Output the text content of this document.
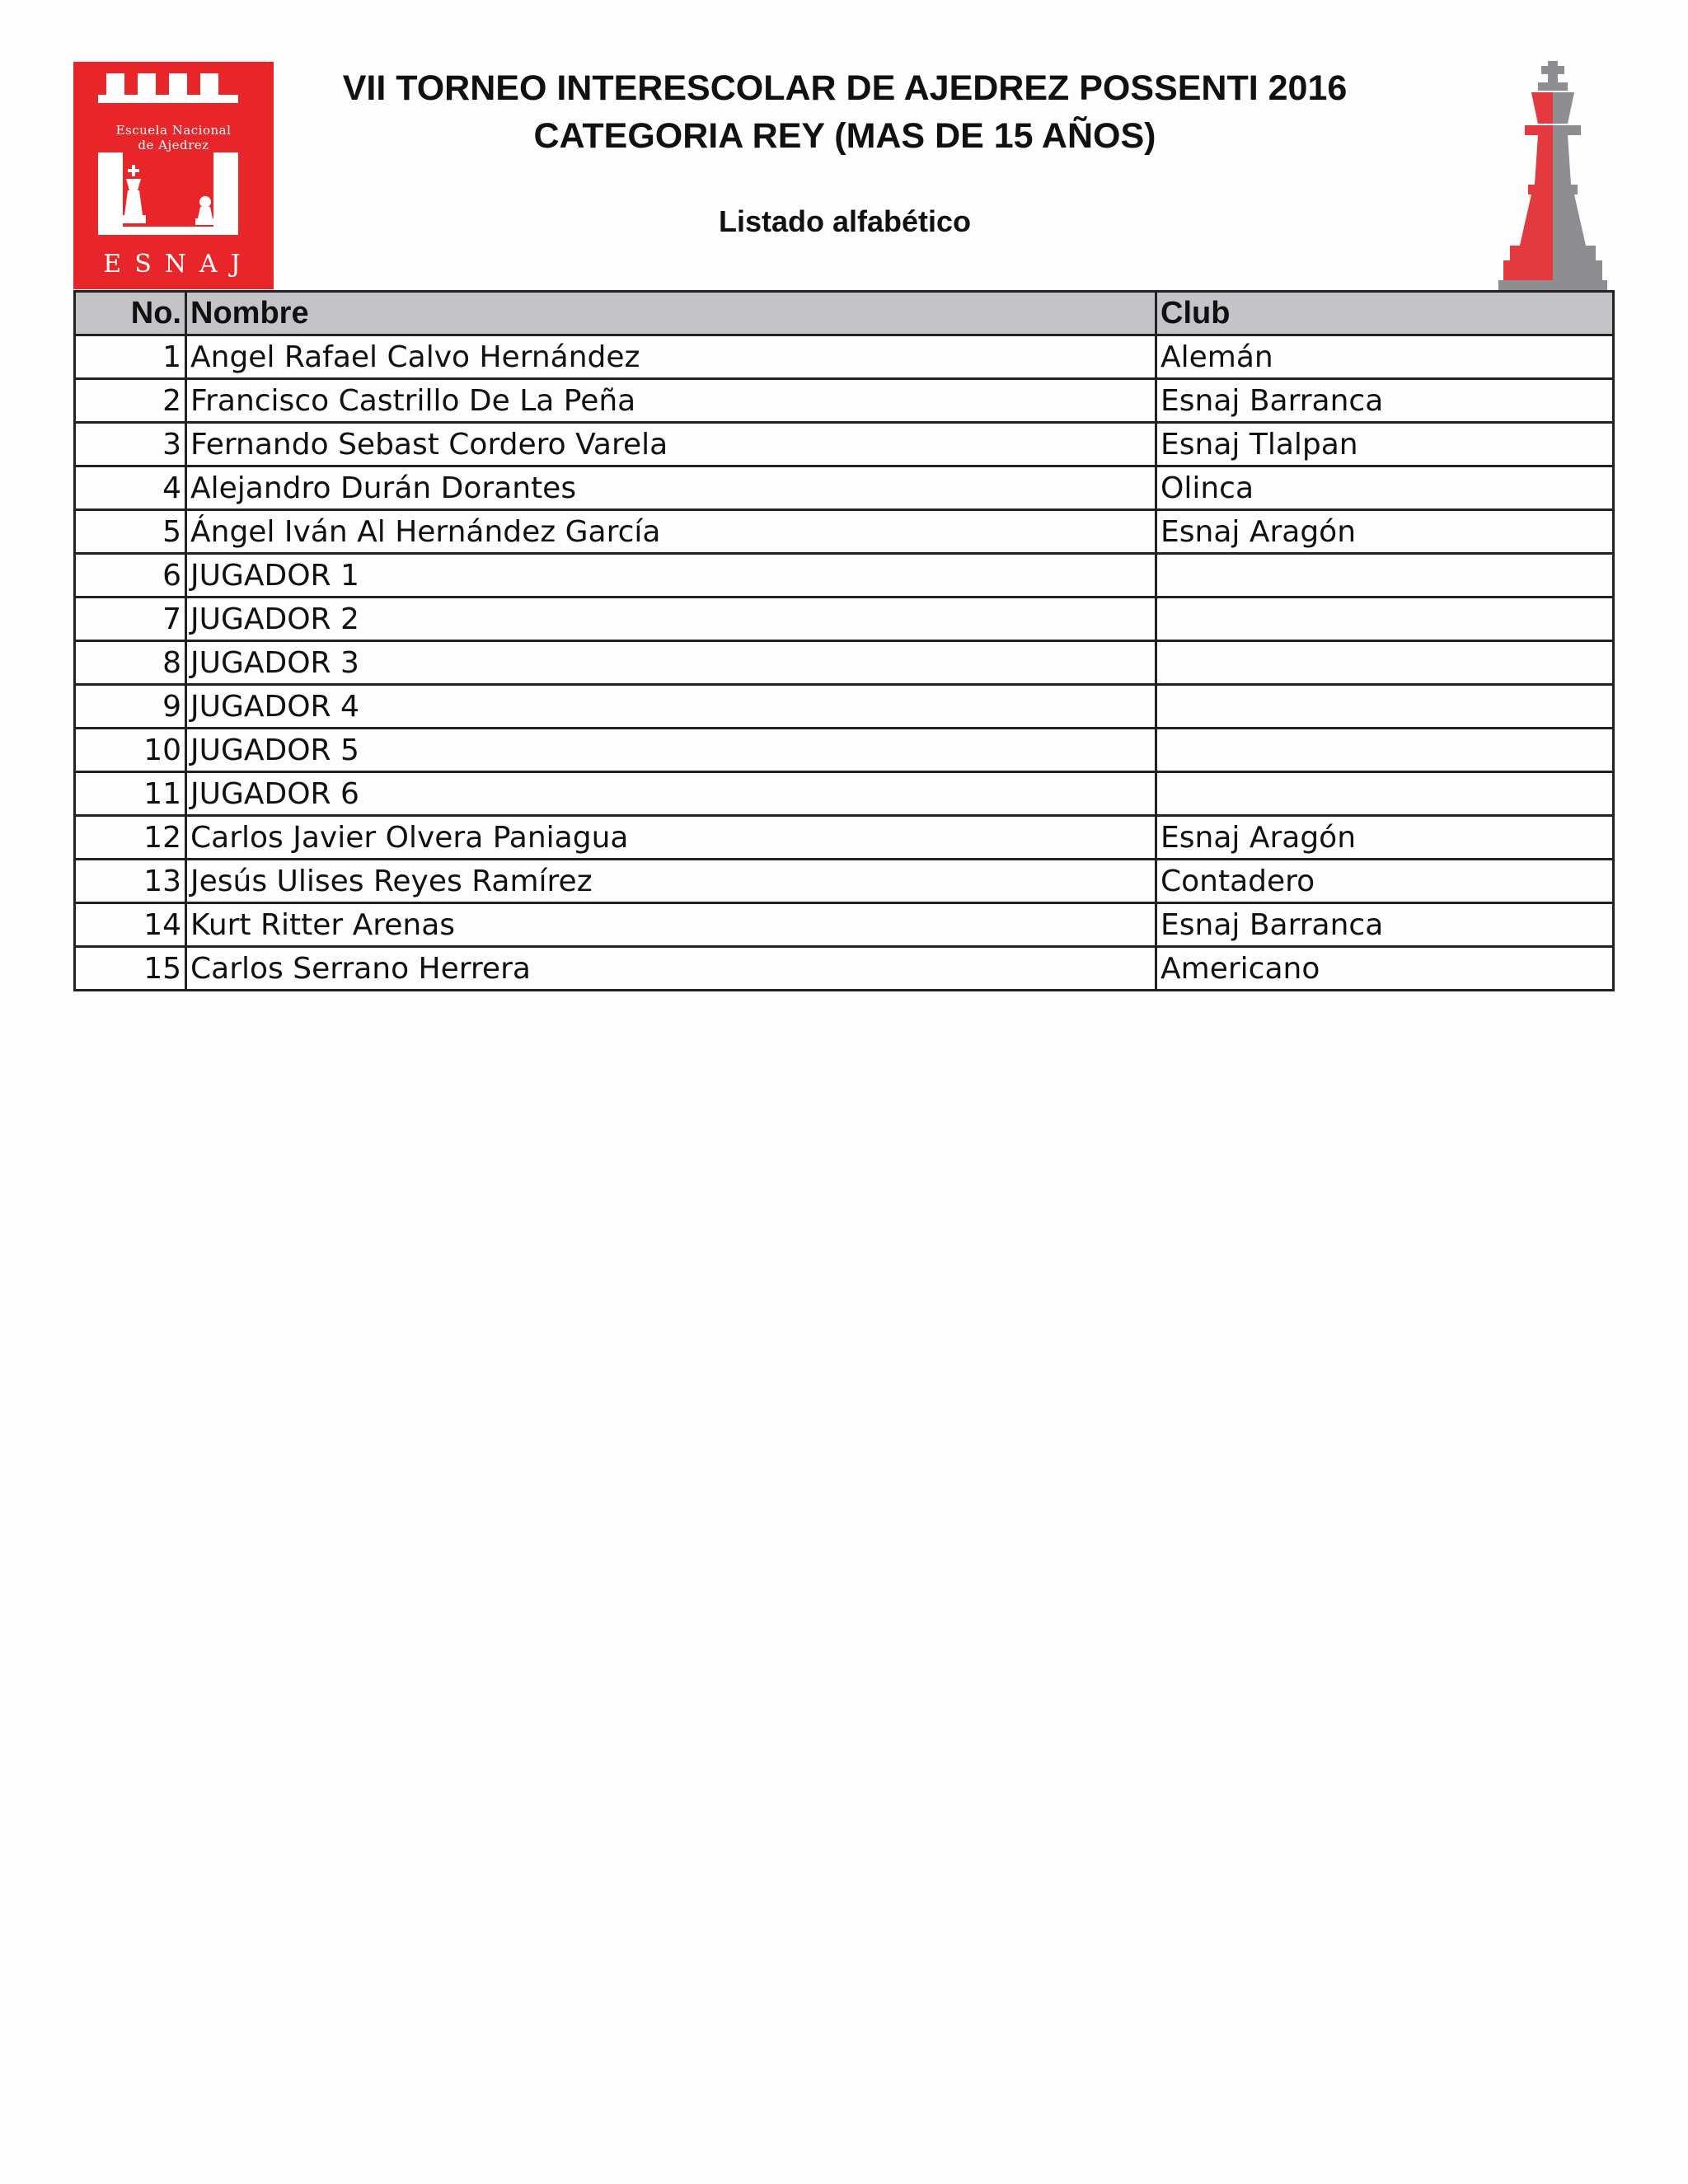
Escuela Nacional
de Ajedrez
ESNAJ
VII TORNEO INTERESCOLAR DE AJEDREZ POSSENTI 2016
CATEGORIA REY (MAS DE 15 AÑOS)
Listado alfabético
No.	Nombre	Club
1	Angel Rafael Calvo Hernández	Alemán
2	Francisco Castrillo De La Peña	Esnaj Barranca
3	Fernando Sebast Cordero Varela	Esnaj Tlalpan
4	Alejandro Durán Dorantes	Olinca
5	Ángel Iván Al Hernández García	Esnaj Aragón
6	JUGADOR 1	
7	JUGADOR 2	
8	JUGADOR 3	
9	JUGADOR 4	
10	JUGADOR 5	
11	JUGADOR 6	
12	Carlos Javier Olvera Paniagua	Esnaj Aragón
13	Jesús Ulises Reyes Ramírez	Contadero
14	Kurt Ritter Arenas	Esnaj Barranca
15	Carlos Serrano Herrera	Americano
